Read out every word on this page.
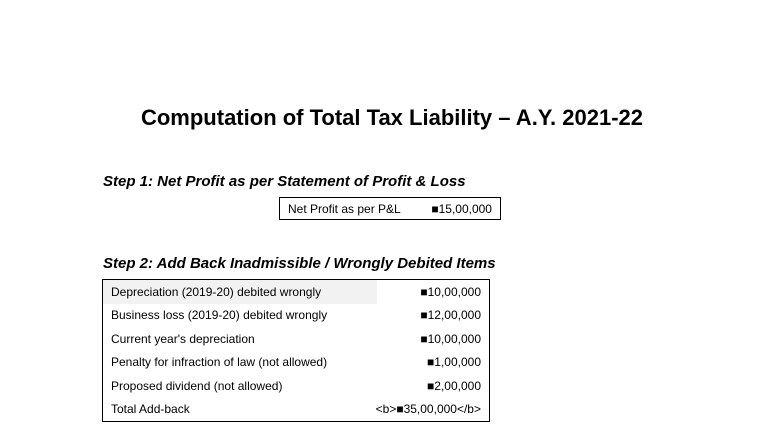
Computation of Total Tax Liability – A.Y. 2021-22
Step 1: Net Profit as per Statement of Profit & Loss
Net Profit as per P&L	■15,00,000
Step 2: Add Back Inadmissible / Wrongly Debited Items
Depreciation (2019-20) debited wrongly	■10,00,000
Business loss (2019-20) debited wrongly	■12,00,000
Current year's depreciation	■10,00,000
Penalty for infraction of law (not allowed)	■1,00,000
Proposed dividend (not allowed)	■2,00,000
Total Add-back	<b>■35,00,000</b>
